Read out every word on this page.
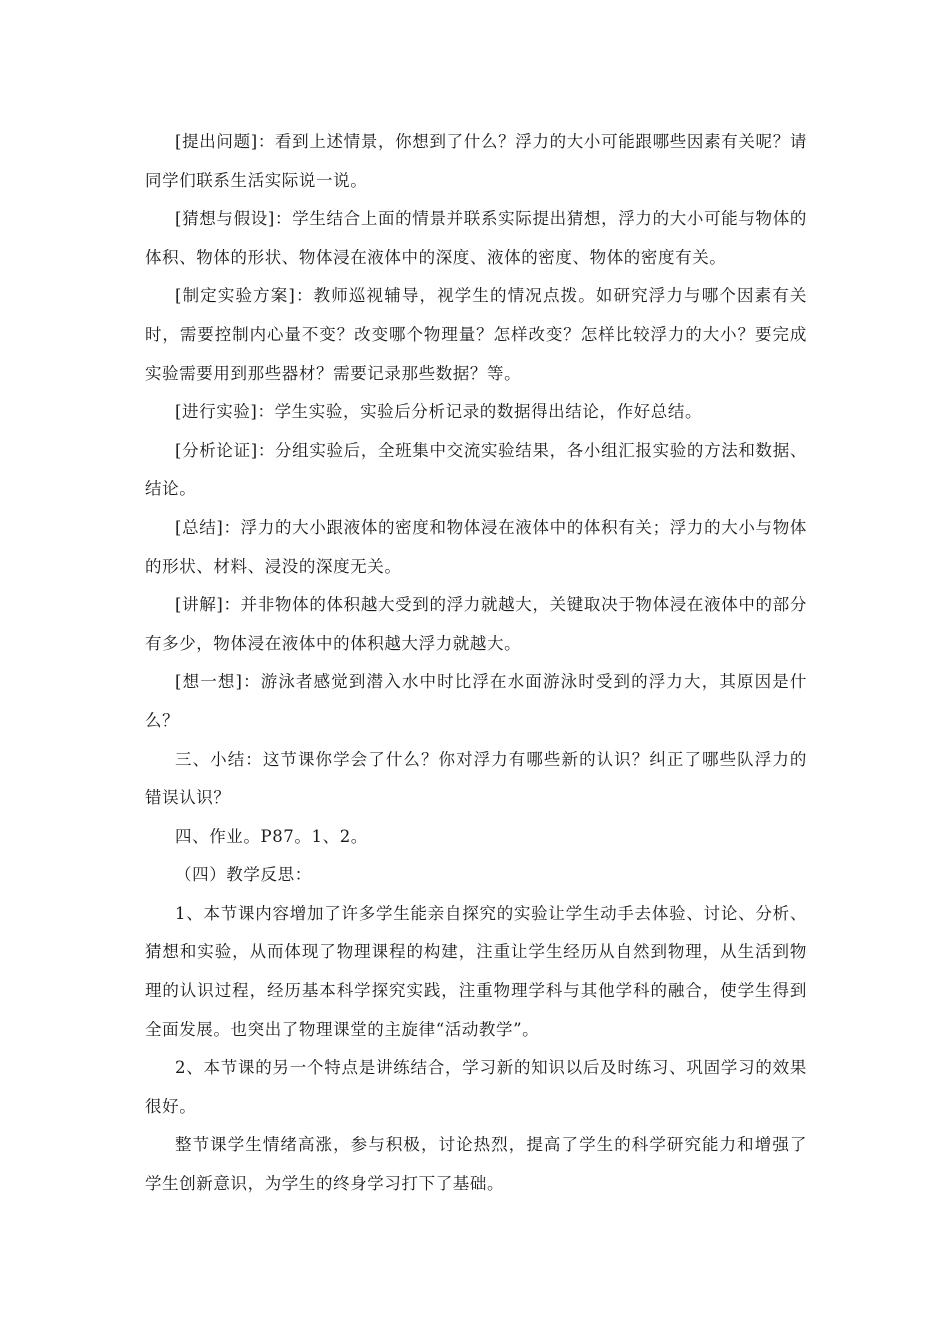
[提出问题]：看到上述情景，你想到了什么？浮力的大小可能跟哪些因素有关呢？请同学们联系生活实际说一说。

[猜想与假设]：学生结合上面的情景并联系实际提出猜想，浮力的大小可能与物体的体积、物体的形状、物体浸在液体中的深度、液体的密度、物体的密度有关。

[制定实验方案]：教师巡视辅导，视学生的情况点拨。如研究浮力与哪个因素有关时，需要控制内心量不变？改变哪个物理量？怎样改变？怎样比较浮力的大小？要完成实验需要用到那些器材？需要记录那些数据？等。

[进行实验]：学生实验，实验后分析记录的数据得出结论，作好总结。

[分析论证]：分组实验后，全班集中交流实验结果，各小组汇报实验的方法和数据、结论。

[总结]：浮力的大小跟液体的密度和物体浸在液体中的体积有关；浮力的大小与物体的形状、材料、浸没的深度无关。

[讲解]：并非物体的体积越大受到的浮力就越大，关键取决于物体浸在液体中的部分有多少，物体浸在液体中的体积越大浮力就越大。

[想一想]：游泳者感觉到潜入水中时比浮在水面游泳时受到的浮力大，其原因是什么？

三、小结：这节课你学会了什么？你对浮力有哪些新的认识？纠正了哪些队浮力的错误认识？

四、作业。P87。1、2。

（四）教学反思：

1、本节课内容增加了许多学生能亲自探究的实验让学生动手去体验、讨论、分析、猜想和实验，从而体现了物理课程的构建，注重让学生经历从自然到物理，从生活到物理的认识过程，经历基本科学探究实践，注重物理学科与其他学科的融合，使学生得到全面发展。也突出了物理课堂的主旋律“活动教学”。

2、本节课的另一个特点是讲练结合，学习新的知识以后及时练习、巩固学习的效果很好。

整节课学生情绪高涨，参与积极，讨论热烈，提高了学生的科学研究能力和增强了学生创新意识，为学生的终身学习打下了基础。
